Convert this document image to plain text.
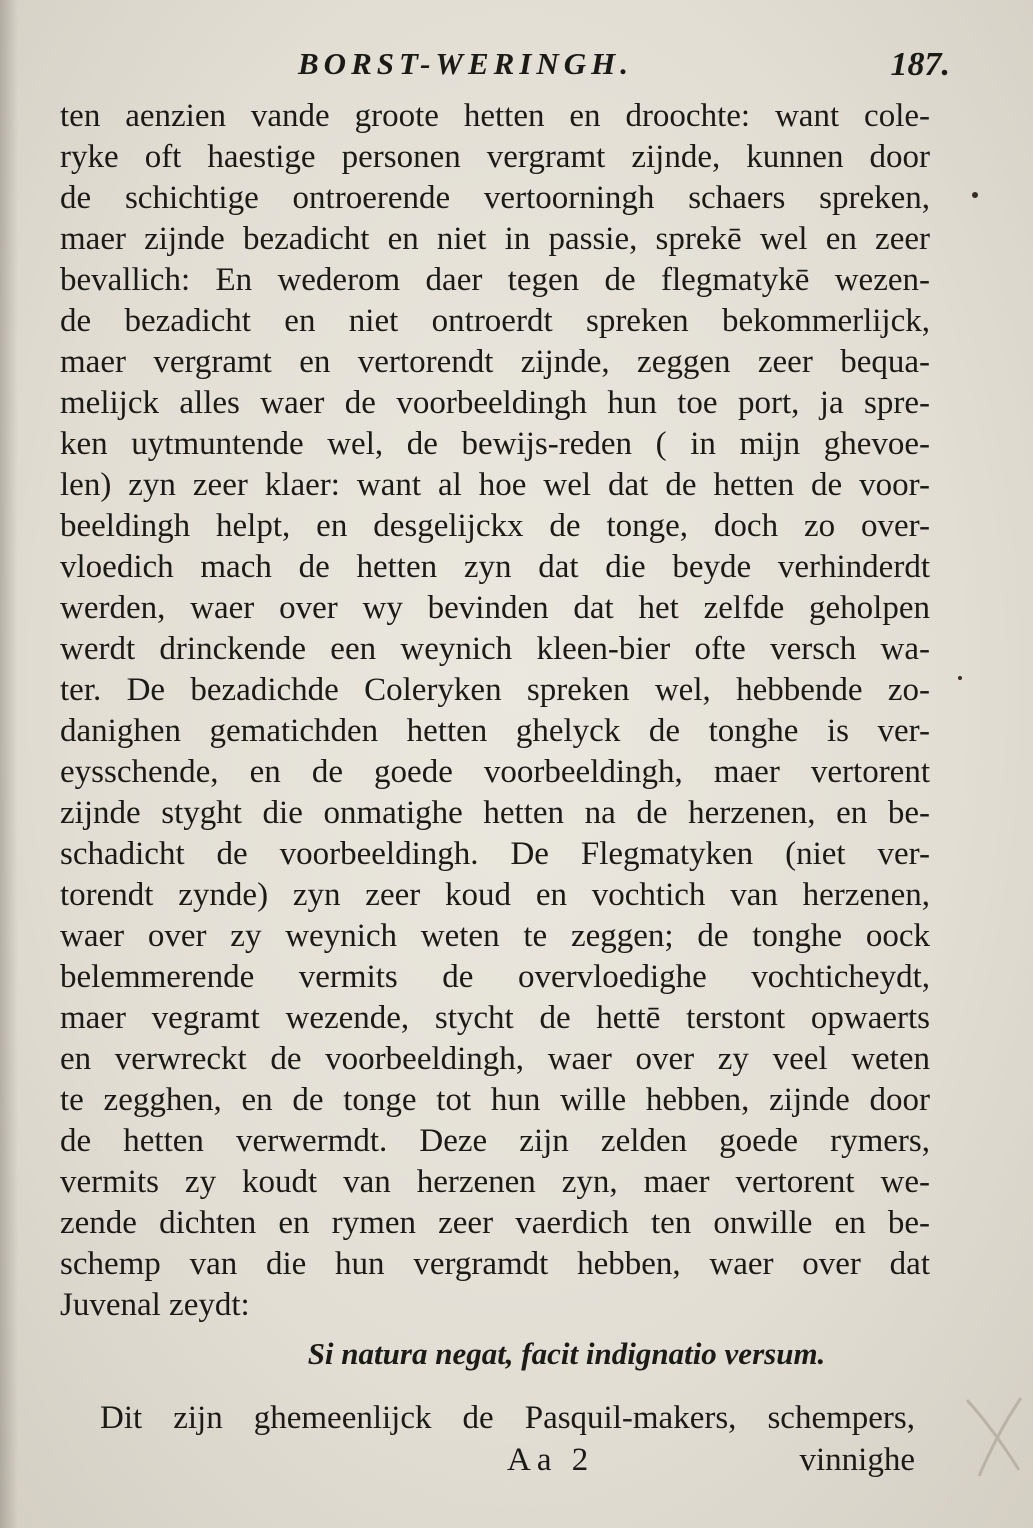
BORST-WERINGH.	187.
ten aenzien vande groote hetten en droochte: want cole-
ryke oft haestige personen vergramt zijnde, kunnen door
de schichtige ontroerende vertoorningh schaers spreken,
maer zijnde bezadicht en niet in passie, sprekē wel en zeer
bevallich: En wederom daer tegen de flegmatykē wezen-
de bezadicht en niet ontroerdt spreken bekommerlijck,
maer vergramt en vertorendt zijnde, zeggen zeer bequa-
melijck alles waer de voorbeeldingh hun toe port, ja spre-
ken uytmuntende wel, de bewijs-reden ( in mijn ghevoe-
len) zyn zeer klaer: want al hoe wel dat de hetten de voor-
beeldingh helpt, en desgelijckx de tonge, doch zo over-
vloedich mach de hetten zyn dat die beyde verhinderdt
werden, waer over wy bevinden dat het zelfde geholpen
werdt drinckende een weynich kleen-bier ofte versch wa-
ter. De bezadichde Coleryken spreken wel, hebbende zo-
danighen gematichden hetten ghelyck de tonghe is ver-
eysschende, en de goede voorbeeldingh, maer vertorent
zijnde styght die onmatighe hetten na de herzenen, en be-
schadicht de voorbeeldingh. De Flegmatyken (niet ver-
torendt zynde) zyn zeer koud en vochtich van herzenen,
waer over zy weynich weten te zeggen; de tonghe oock
belemmerende vermits de overvloedighe vochticheydt,
maer vegramt wezende, stycht de hettē terstont opwaerts
en verwreckt de voorbeeldingh, waer over zy veel weten
te zegghen, en de tonge tot hun wille hebben, zijnde door
de hetten verwermdt. Deze zijn zelden goede rymers,
vermits zy koudt van herzenen zyn, maer vertorent we-
zende dichten en rymen zeer vaerdich ten onwille en be-
schemp van die hun vergramdt hebben, waer over dat
Juvenal zeydt:
Si natura negat, facit indignatio versum.
Dit zijn ghemeenlijck de Pasquil-makers, schempers,
Aa 2	vinnighe
